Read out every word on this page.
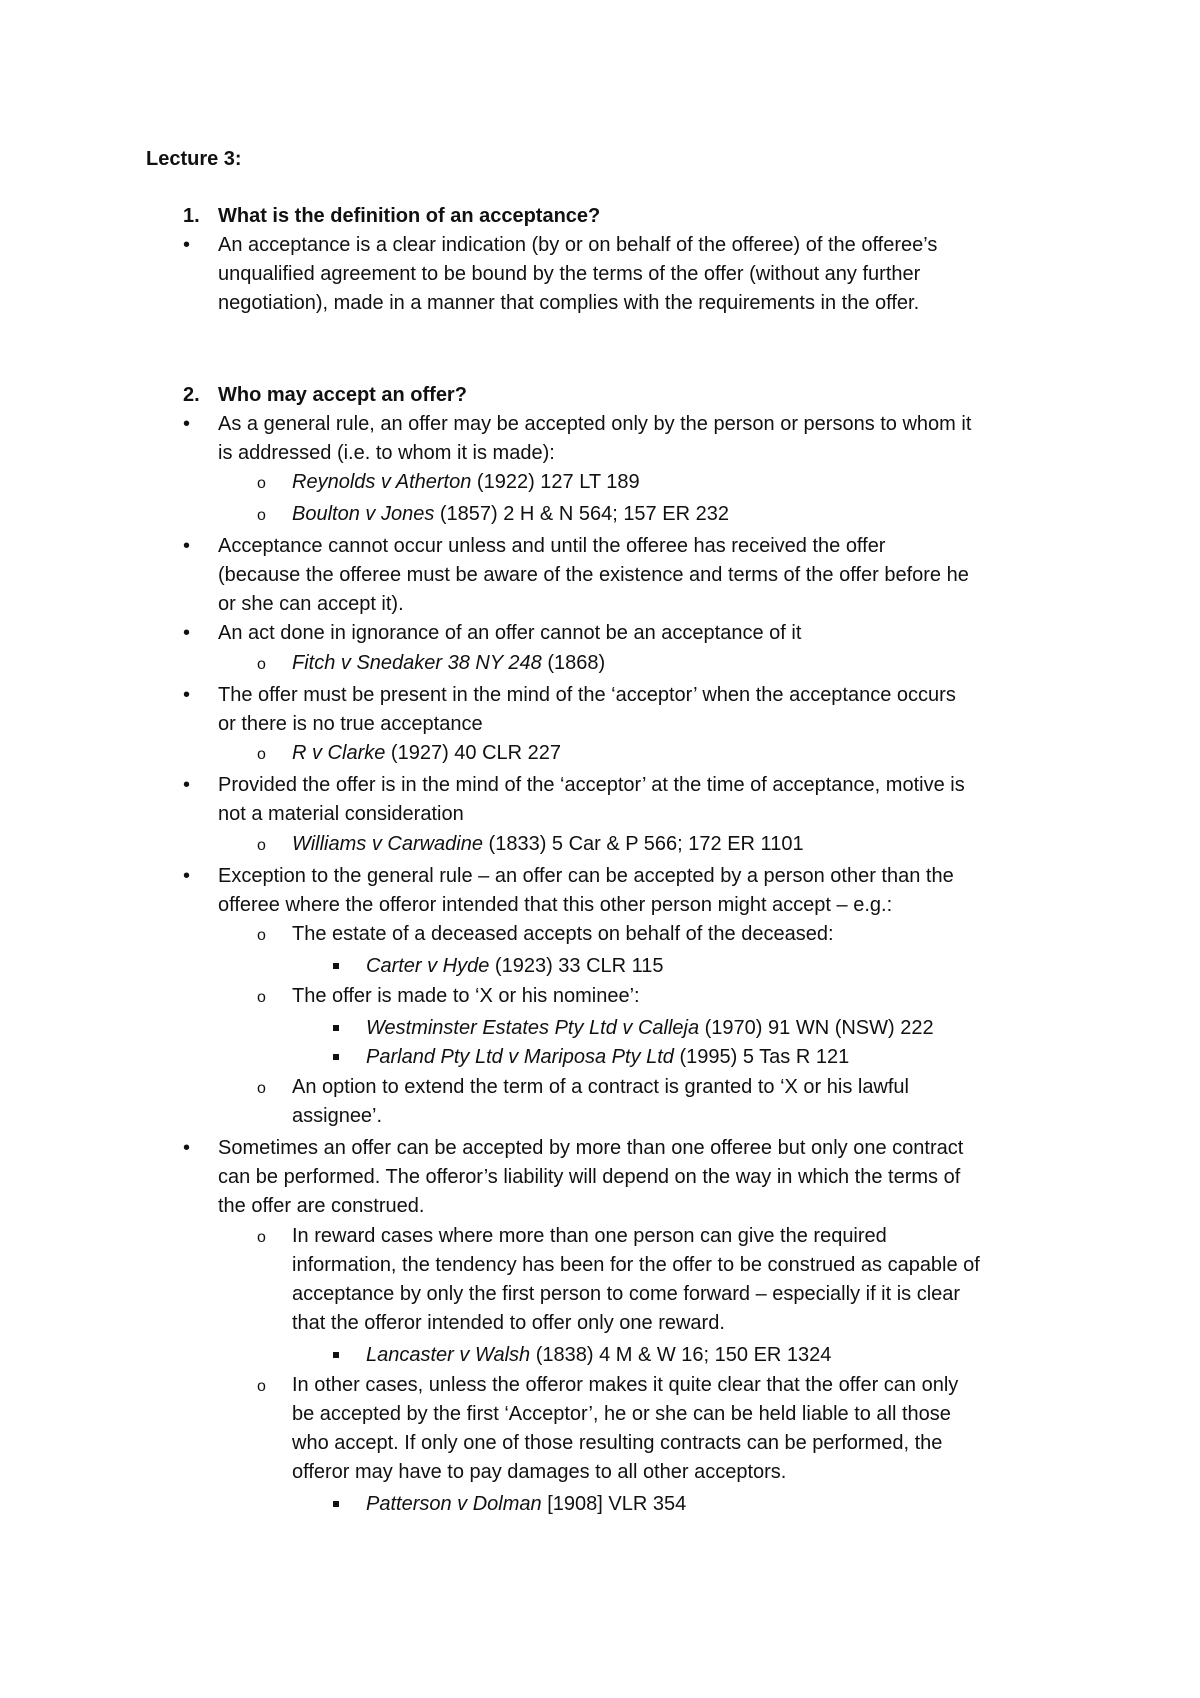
Lecture 3:
1. What is the definition of an acceptance?
• An acceptance is a clear indication (by or on behalf of the offeree) of the offeree’s
unqualified agreement to be bound by the terms of the offer (without any further
negotiation), made in a manner that complies with the requirements in the offer.
2. Who may accept an offer?
• As a general rule, an offer may be accepted only by the person or persons to whom it
is addressed (i.e. to whom it is made):
o Reynolds v Atherton (1922) 127 LT 189
o Boulton v Jones (1857) 2 H & N 564; 157 ER 232
• Acceptance cannot occur unless and until the offeree has received the offer
(because the offeree must be aware of the existence and terms of the offer before he
or she can accept it).
• An act done in ignorance of an offer cannot be an acceptance of it
o Fitch v Snedaker 38 NY 248 (1868)
• The offer must be present in the mind of the ‘acceptor’ when the acceptance occurs
or there is no true acceptance
o R v Clarke (1927) 40 CLR 227
• Provided the offer is in the mind of the ‘acceptor’ at the time of acceptance, motive is
not a material consideration
o Williams v Carwadine (1833) 5 Car & P 566; 172 ER 1101
• Exception to the general rule – an offer can be accepted by a person other than the
offeree where the offeror intended that this other person might accept – e.g.:
o The estate of a deceased accepts on behalf of the deceased:
Carter v Hyde (1923) 33 CLR 115
o The offer is made to ‘X or his nominee’:
Westminster Estates Pty Ltd v Calleja (1970) 91 WN (NSW) 222
Parland Pty Ltd v Mariposa Pty Ltd (1995) 5 Tas R 121
o An option to extend the term of a contract is granted to ‘X or his lawful
assignee’.
• Sometimes an offer can be accepted by more than one offeree but only one contract
can be performed. The offeror’s liability will depend on the way in which the terms of
the offer are construed.
o In reward cases where more than one person can give the required
information, the tendency has been for the offer to be construed as capable of
acceptance by only the first person to come forward – especially if it is clear
that the offeror intended to offer only one reward.
Lancaster v Walsh (1838) 4 M & W 16; 150 ER 1324
o In other cases, unless the offeror makes it quite clear that the offer can only
be accepted by the first ‘Acceptor’, he or she can be held liable to all those
who accept. If only one of those resulting contracts can be performed, the
offeror may have to pay damages to all other acceptors.
Patterson v Dolman [1908] VLR 354
